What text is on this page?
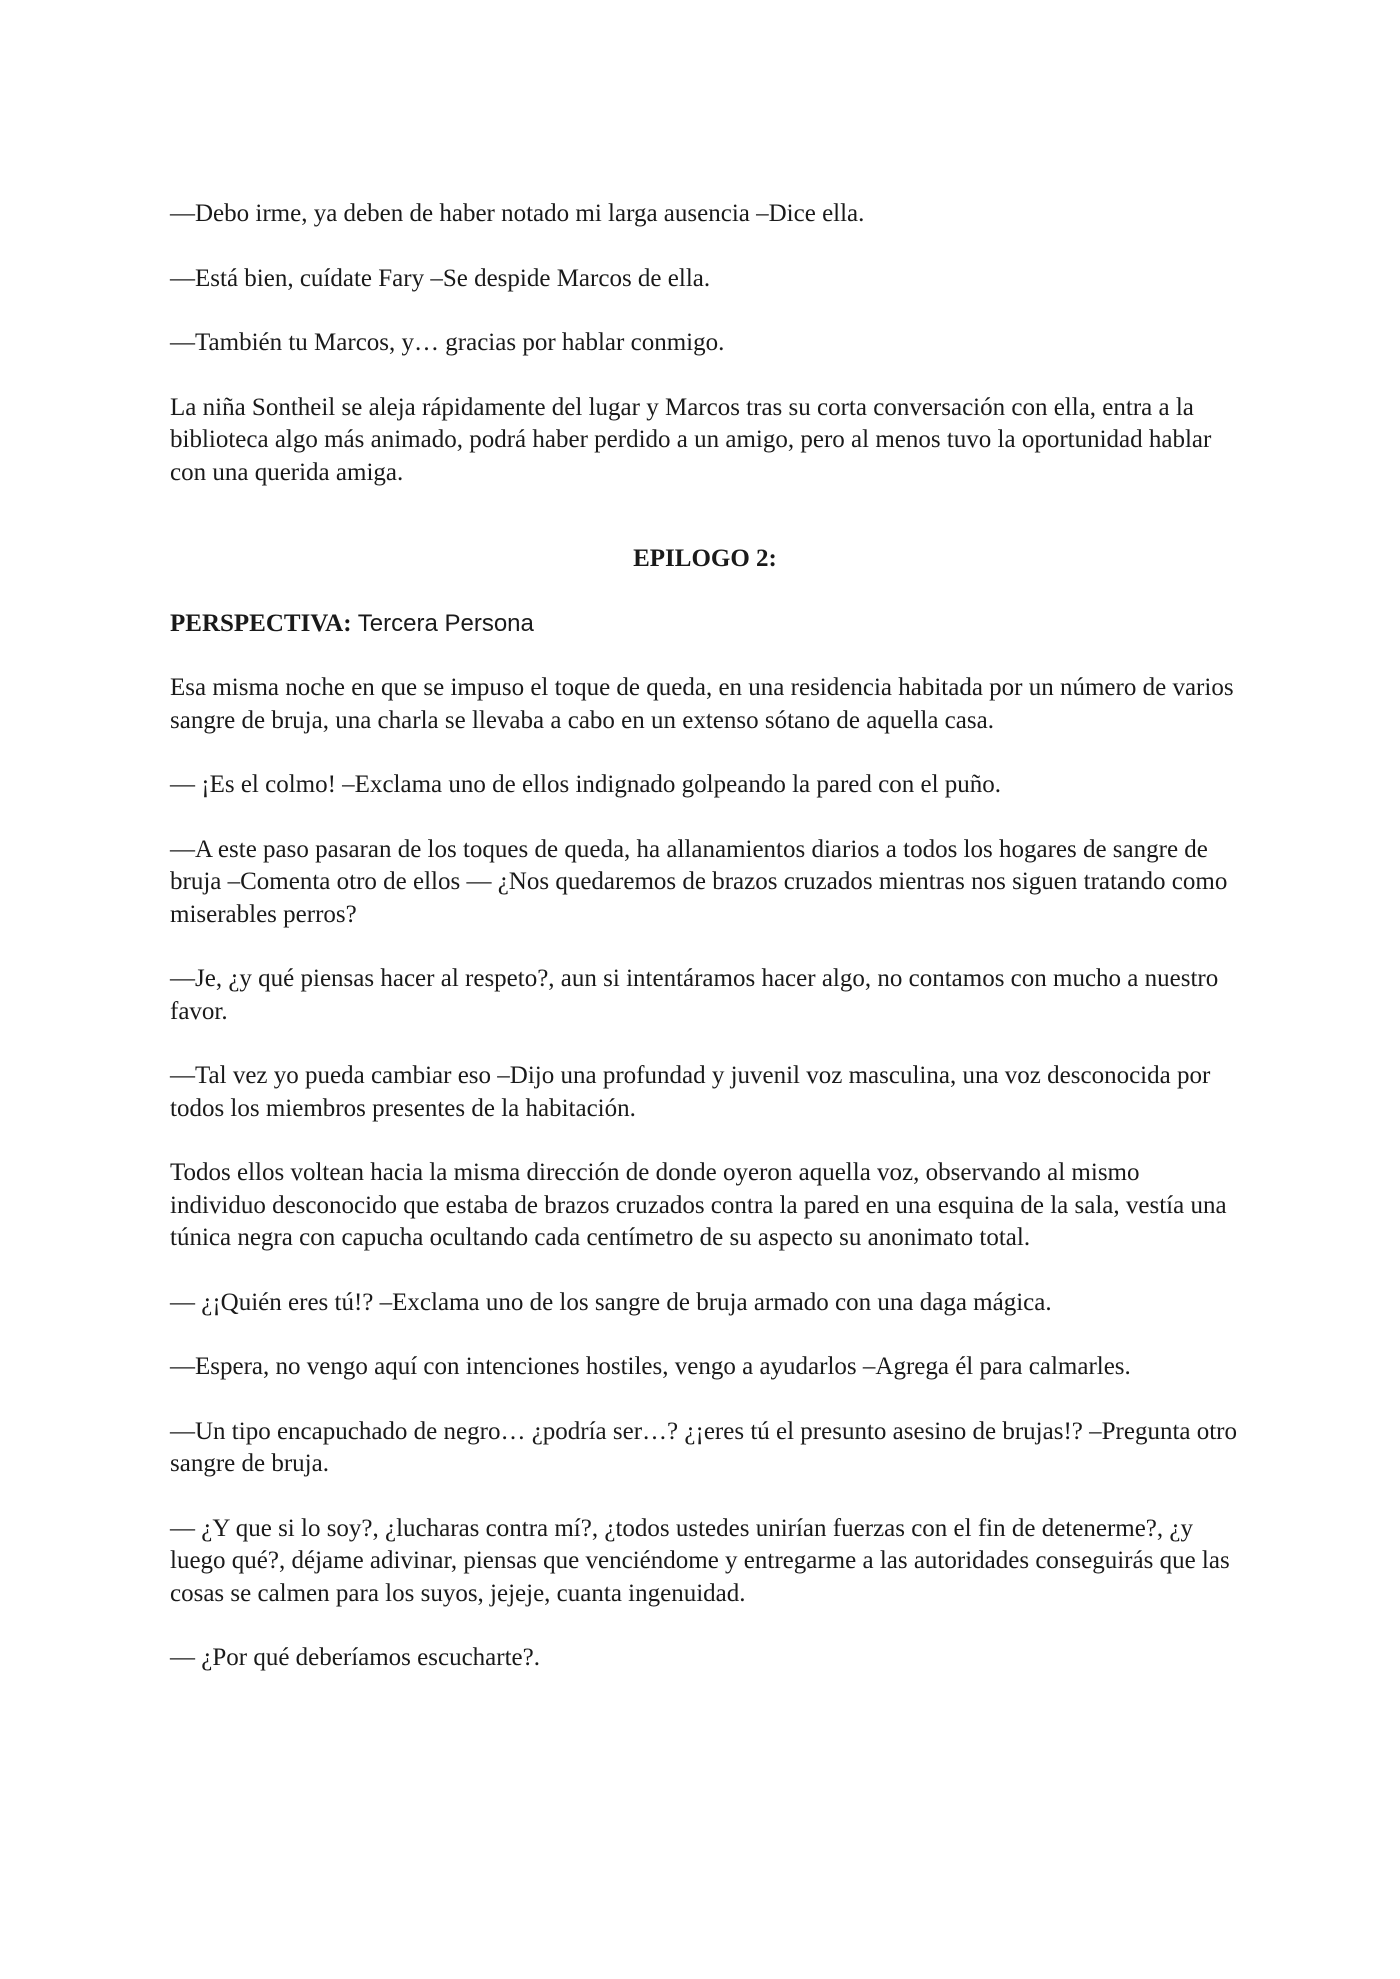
—Debo irme, ya deben de haber notado mi larga ausencia –Dice ella.

—Está bien, cuídate Fary –Se despide Marcos de ella.

—También tu Marcos, y… gracias por hablar conmigo.

La niña Sontheil se aleja rápidamente del lugar y Marcos tras su corta conversación con ella, entra a la biblioteca algo más animado, podrá haber perdido a un amigo, pero al menos tuvo la oportunidad hablar con una querida amiga.

EPILOGO 2:

PERSPECTIVA: Tercera Persona

Esa misma noche en que se impuso el toque de queda, en una residencia habitada por un número de varios sangre de bruja, una charla se llevaba a cabo en un extenso sótano de aquella casa.

— ¡Es el colmo! –Exclama uno de ellos indignado golpeando la pared con el puño.

—A este paso pasaran de los toques de queda, ha allanamientos diarios a todos los hogares de sangre de bruja –Comenta otro de ellos — ¿Nos quedaremos de brazos cruzados mientras nos siguen tratando como miserables perros?

—Je, ¿y qué piensas hacer al respeto?, aun si intentáramos hacer algo, no contamos con mucho a nuestro favor.

—Tal vez yo pueda cambiar eso –Dijo una profundad y juvenil voz masculina, una voz desconocida por todos los miembros presentes de la habitación.

Todos ellos voltean hacia la misma dirección de donde oyeron aquella voz, observando al mismo individuo desconocido que estaba de brazos cruzados contra la pared en una esquina de la sala, vestía una túnica negra con capucha ocultando cada centímetro de su aspecto su anonimato total.

— ¿¡Quién eres tú!? –Exclama uno de los sangre de bruja armado con una daga mágica.

—Espera, no vengo aquí con intenciones hostiles, vengo a ayudarlos –Agrega él para calmarles.

—Un tipo encapuchado de negro… ¿podría ser…? ¿¡eres tú el presunto asesino de brujas!? –Pregunta otro sangre de bruja.

— ¿Y que si lo soy?, ¿lucharas contra mí?, ¿todos ustedes unirían fuerzas con el fin de detenerme?, ¿y luego qué?, déjame adivinar, piensas que venciéndome y entregarme a las autoridades conseguirás que las cosas se calmen para los suyos, jejeje, cuanta ingenuidad.

— ¿Por qué deberíamos escucharte?.
